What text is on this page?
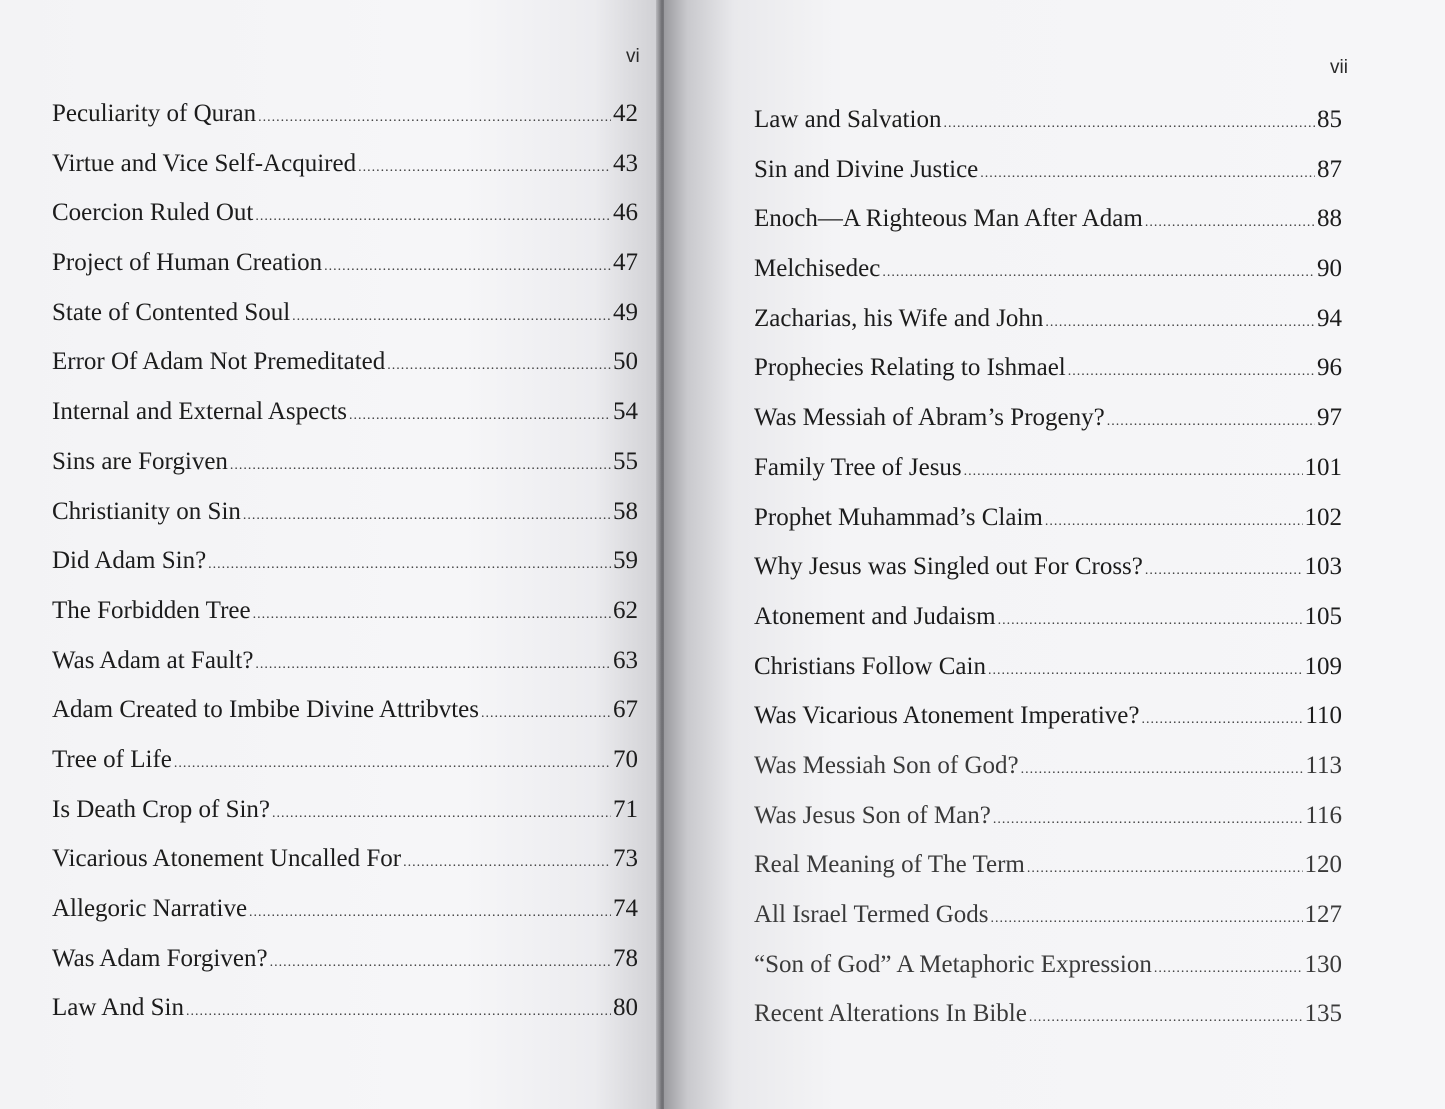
vi
Peculiarity of Quran .....	42
Virtue and Vice Self-Acquired .....	43
Coercion Ruled Out .....	46
Project of Human Creation .....	47
State of Contented Soul .....	49
Error Of Adam Not Premeditated .....	50
Internal and External Aspects .....	54
Sins are Forgiven .....	55
Christianity on Sin .....	58
Did Adam Sin? .....	59
The Forbidden Tree .....	62
Was Adam at Fault? .....	63
Adam Created to Imbibe Divine Attribvtes .....	67
Tree of Life .....	70
Is Death Crop of Sin? .....	71
Vicarious Atonement Uncalled For .....	73
Allegoric Narrative .....	74
Was Adam Forgiven? .....	78
Law And Sin .....	80
vii
Law and Salvation .....	85
Sin and Divine Justice .....	87
Enoch—A Righteous Man After Adam .....	88
Melchisedec .....	90
Zacharias, his Wife and John .....	94
Prophecies Relating to Ishmael .....	96
Was Messiah of Abram’s Progeny? .....	97
Family Tree of Jesus .....	101
Prophet Muhammad’s Claim .....	102
Why Jesus was Singled out For Cross? .....	103
Atonement and Judaism .....	105
Christians Follow Cain .....	109
Was Vicarious Atonement Imperative? .....	110
Was Messiah Son of God? .....	113
Was Jesus Son of Man? .....	116
Real Meaning of The Term .....	120
All Israel Termed Gods .....	127
“Son of God” A Metaphoric Expression .....	130
Recent Alterations In Bible .....	135
